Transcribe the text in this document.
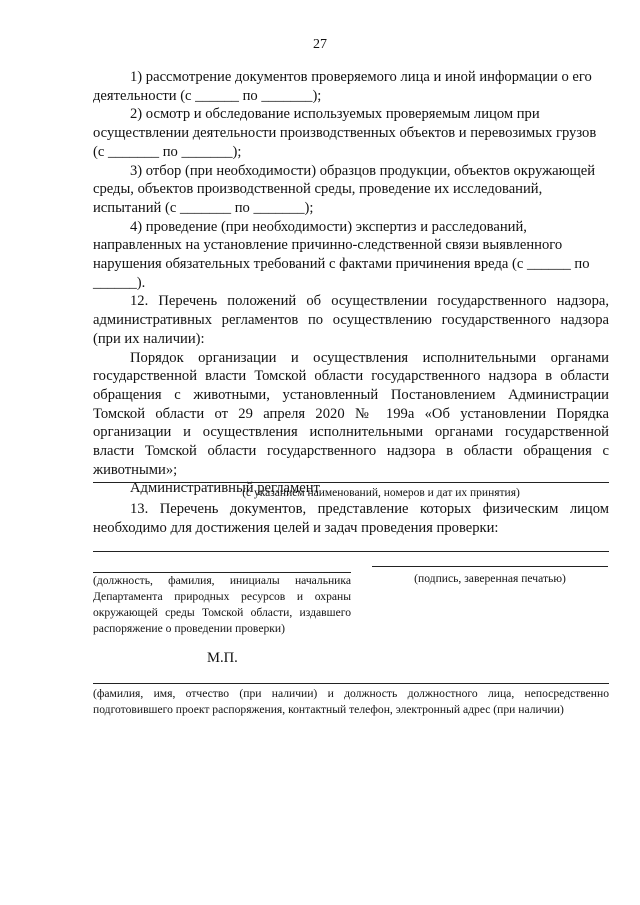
27

1) рассмотрение документов проверяемого лица и иной информации о его деятельности (с ______ по _______);

2) осмотр и обследование используемых проверяемым лицом при осуществлении деятельности производственных объектов и перевозимых грузов (с _______ по _______);

3) отбор (при необходимости) образцов продукции, объектов окружающей среды, объектов производственной среды, проведение их исследований, испытаний (с _______ по _______);

4) проведение (при необходимости) экспертиз и расследований, направленных на установление причинно-следственной связи выявленного нарушения обязательных требований с фактами причинения вреда (с ______ по ______).

12. Перечень положений об осуществлении государственного надзора, административных регламентов по осуществлению государственного надзора (при их наличии):

Порядок организации и осуществления исполнительными органами государственной власти Томской области государственного надзора в области обращения с животными, установленный Постановлением Администрации Томской области от 29 апреля 2020 № 199а «Об установлении Порядка организации и осуществления исполнительными органами государственной власти Томской области государственного надзора в области обращения с животными»;

Административный регламент

(с указанием наименований, номеров и дат их принятия)

13. Перечень документов, представление которых физическим лицом необходимо для достижения целей и задач проведения проверки:

(должность, фамилия, инициалы начальника Департамента природных ресурсов и охраны окружающей среды Томской области, издавшего распоряжение о проведении проверки)
(подпись, заверенная печатью)
М.П.
(фамилия, имя, отчество (при наличии) и должность должностного лица, непосредственно подготовившего проект распоряжения, контактный телефон, электронный адрес (при наличии)
